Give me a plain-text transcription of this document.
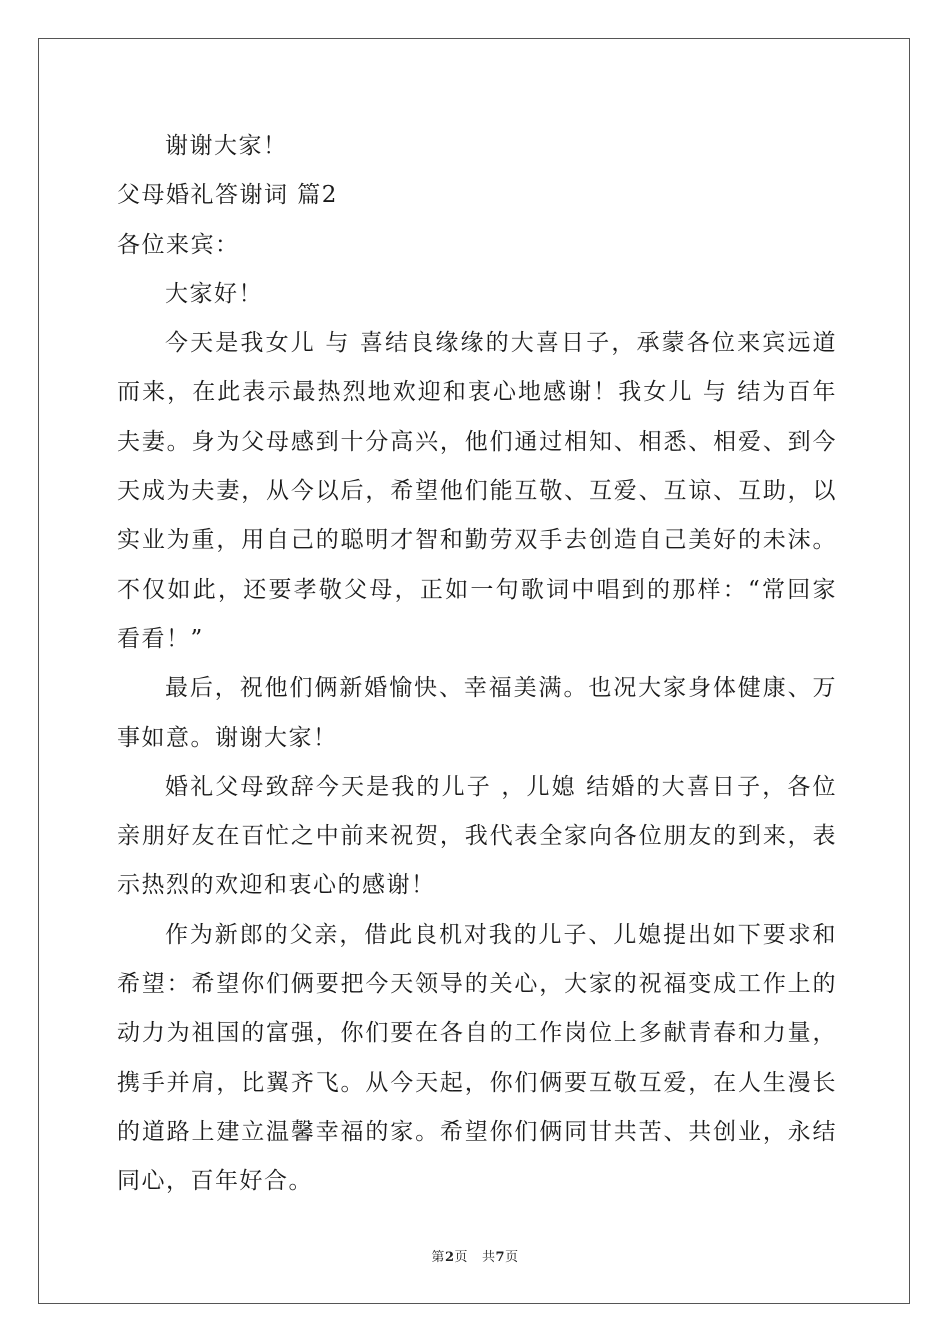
谢谢大家！

父母婚礼答谢词 篇2

各位来宾：

大家好！

今天是我女儿 与 喜结良缘缘的大喜日子，承蒙各位来宾远道而来，在此表示最热烈地欢迎和衷心地感谢！我女儿 与 结为百年夫妻。身为父母感到十分高兴，他们通过相知、相悉、相爱、到今天成为夫妻，从今以后，希望他们能互敬、互爱、互谅、互助，以实业为重，用自己的聪明才智和勤劳双手去创造自己美好的未沫。不仅如此，还要孝敬父母，正如一句歌词中唱到的那样：“常回家看看！”

最后，祝他们俩新婚愉快、幸福美满。也况大家身体健康、万事如意。谢谢大家！

婚礼父母致辞今天是我的儿子 ，儿媳 结婚的大喜日子，各位亲朋好友在百忙之中前来祝贺，我代表全家向各位朋友的到来，表示热烈的欢迎和衷心的感谢！

作为新郎的父亲，借此良机对我的儿子、儿媳提出如下要求和希望：希望你们俩要把今天领导的关心，大家的祝福变成工作上的动力为祖国的富强，你们要在各自的工作岗位上多献青春和力量，携手并肩，比翼齐飞。从今天起，你们俩要互敬互爱，在人生漫长的道路上建立温馨幸福的家。希望你们俩同甘共苦、共创业，永结同心，百年好合。

第2页 共7页
